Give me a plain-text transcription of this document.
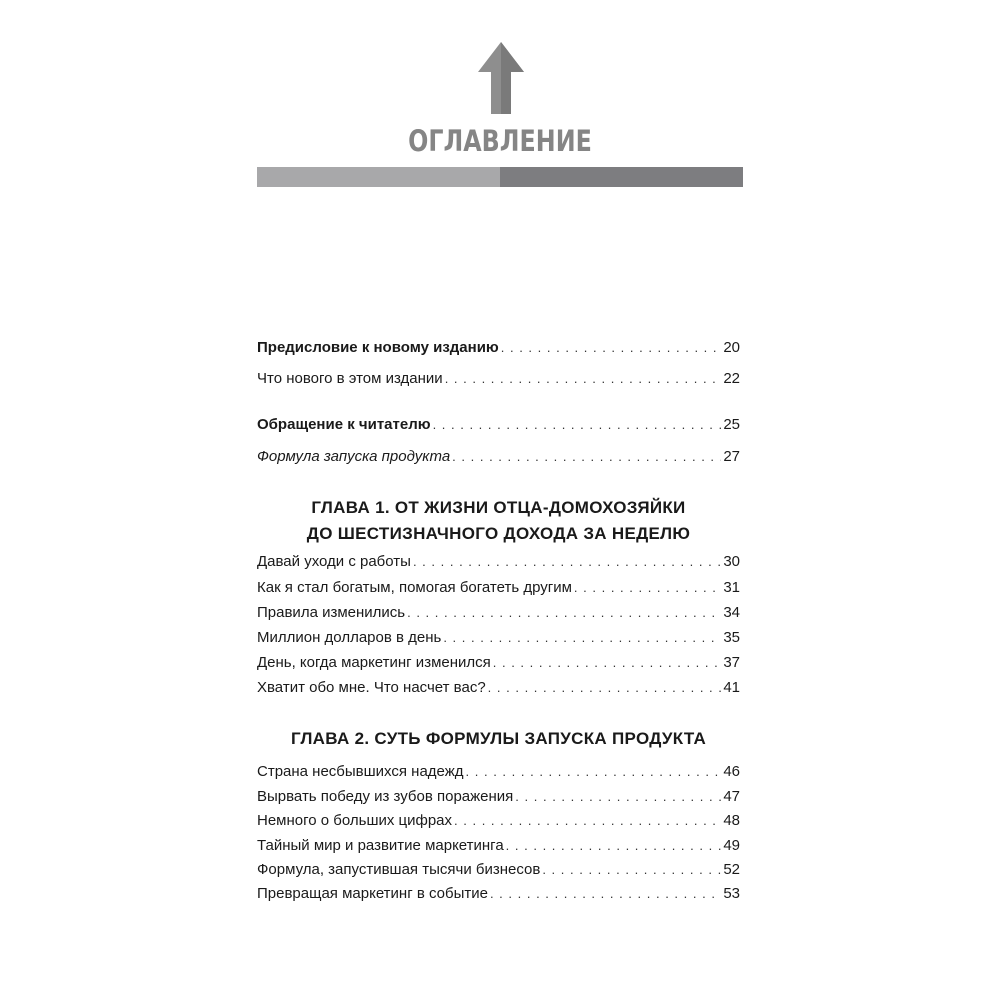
ОГЛАВЛЕНИЕ
Предисловие к новому изданию . . .	20
Что нового в этом издании . . .	22
Обращение к читателю . . .	25
Формула запуска продукта . . .	27
ГЛАВА 1. ОТ ЖИЗНИ ОТЦА-ДОМОХОЗЯЙКИ
ДО ШЕСТИЗНАЧНОГО ДОХОДА ЗА НЕДЕЛЮ
Давай уходи с работы . . .	30
Как я стал богатым, помогая богатеть другим . . .	31
Правила изменились . . .	34
Миллион долларов в день . . .	35
День, когда маркетинг изменился . . .	37
Хватит обо мне. Что насчет вас? . . .	41
ГЛАВА 2. СУТЬ ФОРМУЛЫ ЗАПУСКА ПРОДУКТА
Страна несбывшихся надежд . . .	46
Вырвать победу из зубов поражения . . .	47
Немного о больших цифрах . . .	48
Тайный мир и развитие маркетинга . . .	49
Формула, запустившая тысячи бизнесов . . .	52
Превращая маркетинг в событие . . .	53
